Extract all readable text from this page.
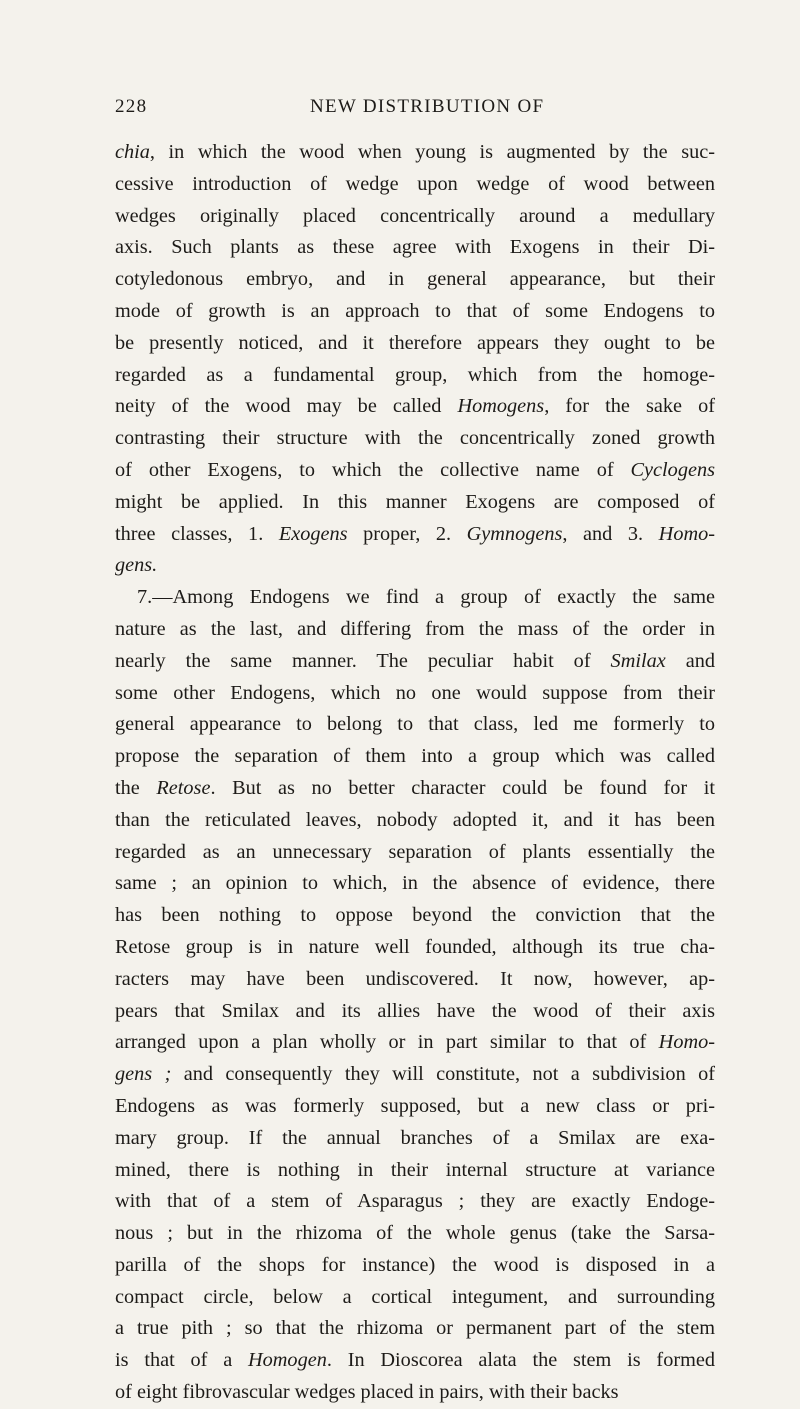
228	NEW DISTRIBUTION OF
chia, in which the wood when young is augmented by the suc-
cessive introduction of wedge upon wedge of wood between
wedges originally placed concentrically around a medullary
axis. Such plants as these agree with Exogens in their Di-
cotyledonous embryo, and in general appearance, but their
mode of growth is an approach to that of some Endogens to
be presently noticed, and it therefore appears they ought to be
regarded as a fundamental group, which from the homoge-
neity of the wood may be called Homogens, for the sake of
contrasting their structure with the concentrically zoned growth
of other Exogens, to which the collective name of Cyclogens
might be applied. In this manner Exogens are composed of
three classes, 1. Exogens proper, 2. Gymnogens, and 3. Homo-
gens.
7.—Among Endogens we find a group of exactly the same
nature as the last, and differing from the mass of the order in
nearly the same manner. The peculiar habit of Smilax and
some other Endogens, which no one would suppose from their
general appearance to belong to that class, led me formerly to
propose the separation of them into a group which was called
the Retose. But as no better character could be found for it
than the reticulated leaves, nobody adopted it, and it has been
regarded as an unnecessary separation of plants essentially the
same ; an opinion to which, in the absence of evidence, there
has been nothing to oppose beyond the conviction that the
Retose group is in nature well founded, although its true cha-
racters may have been undiscovered. It now, however, ap-
pears that Smilax and its allies have the wood of their axis
arranged upon a plan wholly or in part similar to that of Homo-
gens ; and consequently they will constitute, not a subdivision of
Endogens as was formerly supposed, but a new class or pri-
mary group. If the annual branches of a Smilax are exa-
mined, there is nothing in their internal structure at variance
with that of a stem of Asparagus ; they are exactly Endoge-
nous ; but in the rhizoma of the whole genus (take the Sarsa-
parilla of the shops for instance) the wood is disposed in a
compact circle, below a cortical integument, and surrounding
a true pith ; so that the rhizoma or permanent part of the stem
is that of a Homogen. In Dioscorea alata the stem is formed
of eight fibrovascular wedges placed in pairs, with their backs
